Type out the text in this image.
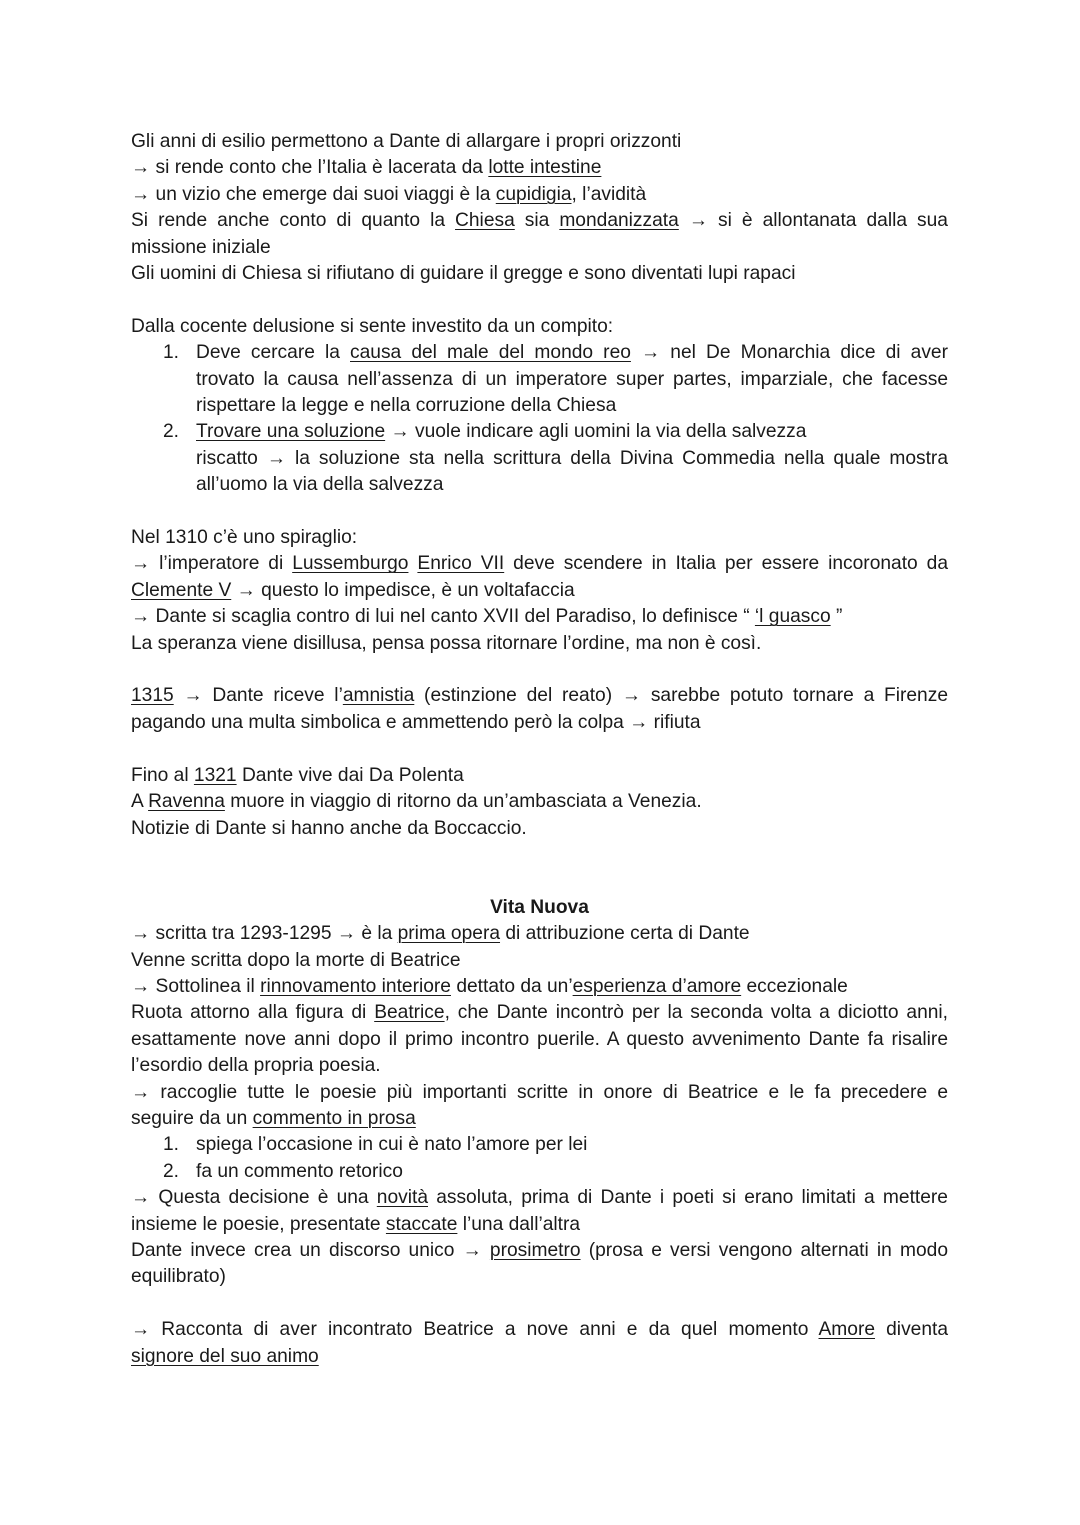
Gli anni di esilio permettono a Dante di allargare i propri orizzonti
→ si rende conto che l’Italia è lacerata da lotte intestine
→ un vizio che emerge dai suoi viaggi è la cupidigia, l’avidità
Si rende anche conto di quanto la Chiesa sia mondanizzata → si è allontanata dalla sua
missione iniziale
Gli uomini di Chiesa si rifiutano di guidare il gregge e sono diventati lupi rapaci
Dalla cocente delusione si sente investito da un compito:
1. Deve cercare la causa del male del mondo reo → nel De Monarchia dice di aver
trovato la causa nell’assenza di un imperatore super partes, imparziale, che facesse
rispettare la legge e nella corruzione della Chiesa
2. Trovare una soluzione → vuole indicare agli uomini la via della salvezza
riscatto → la soluzione sta nella scrittura della Divina Commedia nella quale mostra
all’uomo la via della salvezza
Nel 1310 c’è uno spiraglio:
→ l’imperatore di Lussemburgo Enrico VII deve scendere in Italia per essere incoronato da
Clemente V → questo lo impedisce, è un voltafaccia
→ Dante si scaglia contro di lui nel canto XVII del Paradiso, lo definisce “ ‘l guasco ”
La speranza viene disillusa, pensa possa ritornare l’ordine, ma non è così.
1315 → Dante riceve l’amnistia (estinzione del reato) → sarebbe potuto tornare a Firenze
pagando una multa simbolica e ammettendo però la colpa → rifiuta
Fino al 1321 Dante vive dai Da Polenta
A Ravenna muore in viaggio di ritorno da un’ambasciata a Venezia.
Notizie di Dante si hanno anche da Boccaccio.
Vita Nuova
→ scritta tra 1293-1295 → è la prima opera di attribuzione certa di Dante
Venne scritta dopo la morte di Beatrice
→ Sottolinea il rinnovamento interiore dettato da un’esperienza d’amore eccezionale
Ruota attorno alla figura di Beatrice, che Dante incontrò per la seconda volta a diciotto anni,
esattamente nove anni dopo il primo incontro puerile. A questo avvenimento Dante fa risalire
l’esordio della propria poesia.
→ raccoglie tutte le poesie più importanti scritte in onore di Beatrice e le fa precedere e
seguire da un commento in prosa
1. spiega l’occasione in cui è nato l’amore per lei
2. fa un commento retorico
→ Questa decisione è una novità assoluta, prima di Dante i poeti si erano limitati a mettere
insieme le poesie, presentate staccate l’una dall’altra
Dante invece crea un discorso unico → prosimetro (prosa e versi vengono alternati in modo
equilibrato)
→ Racconta di aver incontrato Beatrice a nove anni e da quel momento Amore diventa
signore del suo animo
